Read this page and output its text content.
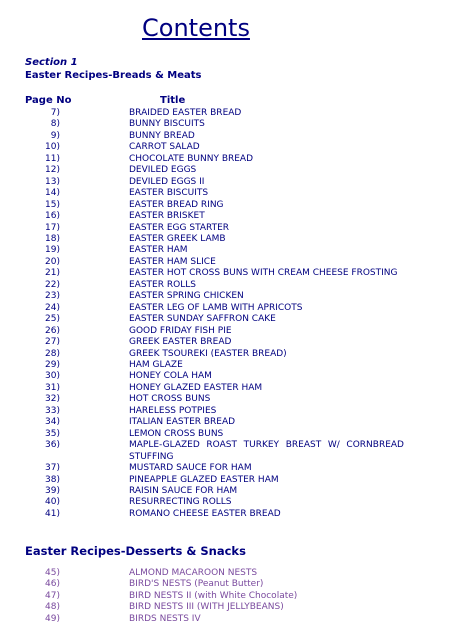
Contents
Section 1
Easter Recipes-Breads & Meats
Page No	Title
7)	BRAIDED EASTER BREAD
8)	BUNNY BISCUITS
9)	BUNNY BREAD
10)	CARROT SALAD
11)	CHOCOLATE BUNNY BREAD
12)	DEVILED EGGS
13)	DEVILED EGGS II
14)	EASTER BISCUITS
15)	EASTER BREAD RING
16)	EASTER BRISKET
17)	EASTER EGG STARTER
18)	EASTER GREEK LAMB
19)	EASTER HAM
20)	EASTER HAM SLICE
21)	EASTER HOT CROSS BUNS WITH CREAM CHEESE FROSTING
22)	EASTER ROLLS
23)	EASTER SPRING CHICKEN
24)	EASTER LEG OF LAMB WITH APRICOTS
25)	EASTER SUNDAY SAFFRON CAKE
26)	GOOD FRIDAY FISH PIE
27)	GREEK EASTER BREAD
28)	GREEK TSOUREKI (EASTER BREAD)
29)	HAM GLAZE
30)	HONEY COLA HAM
31)	HONEY GLAZED EASTER HAM
32)	HOT CROSS BUNS
33)	HARELESS POTPIES
34)	ITALIAN EASTER BREAD
35)	LEMON CROSS BUNS
36)	MAPLE-GLAZED ROAST TURKEY BREAST W/ CORNBREAD STUFFING
37)	MUSTARD SAUCE FOR HAM
38)	PINEAPPLE GLAZED EASTER HAM
39)	RAISIN SAUCE FOR HAM
40)	RESURRECTING ROLLS
41)	ROMANO CHEESE EASTER BREAD
Easter Recipes-Desserts & Snacks
45)	ALMOND MACAROON NESTS
46)	BIRD'S NESTS (Peanut Butter)
47)	BIRD NESTS II (with White Chocolate)
48)	BIRD NESTS III (WITH JELLYBEANS)
49)	BIRDS NESTS IV
